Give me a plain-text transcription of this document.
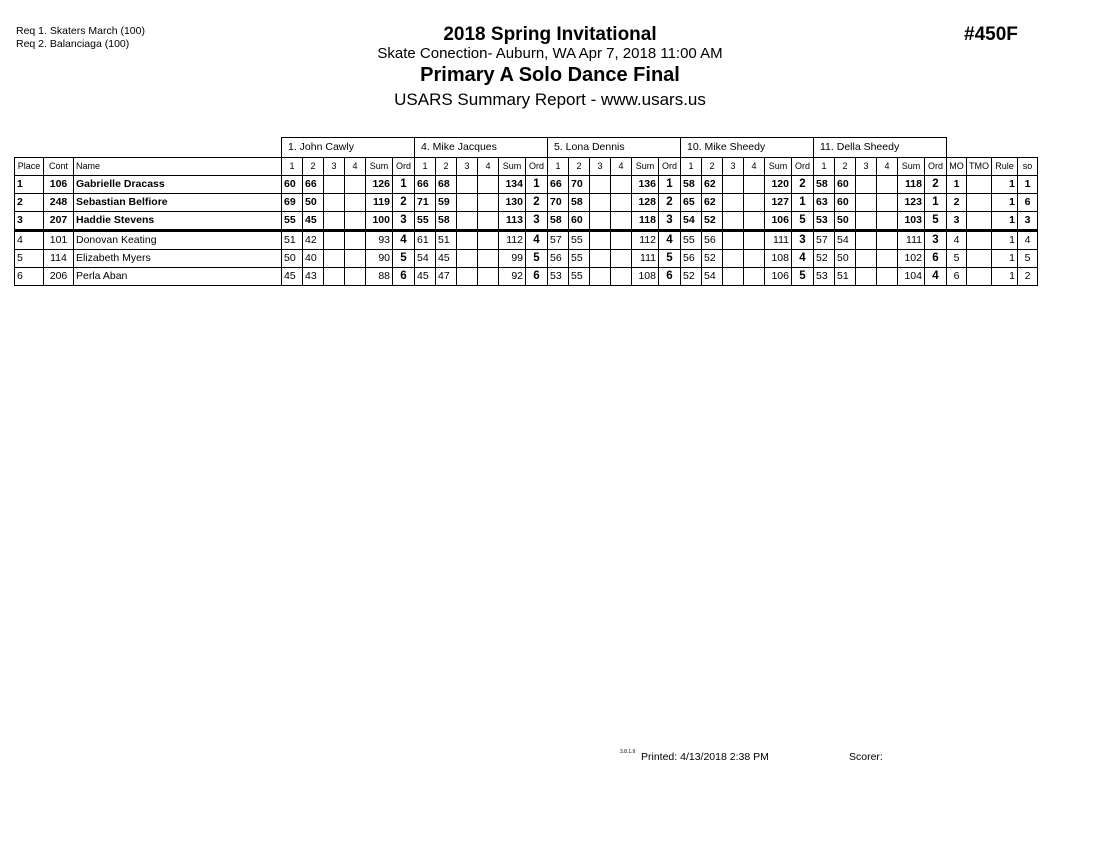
Req 1. Skaters March (100)
Req 2. Balanciaga (100)	2018 Spring Invitational
Skate Conection- Auburn, WA Apr 7, 2018 11:00 AM
Primary A Solo Dance Final
USARS Summary Report - www.usars.us
#450F
			1. John Cawly						4. Mike Jacques						5. Lona Dennis						10. Mike Sheedy						11. Della Sheedy									
Place	Cont	Name	1	2	3	4	Sum	Ord	1	2	3	4	Sum	Ord	1	2	3	4	Sum	Ord	1	2	3	4	Sum	Ord	1	2	3	4	Sum	Ord	MO	TMO	Rule	so
1	106	Gabrielle Dracass	60	66			126	1	66	68			134	1	66	70			136	1	58	62			120	2	58	60			118	2	1		1	1
2	248	Sebastian Belfiore	69	50			119	2	71	59			130	2	70	58			128	2	65	62			127	1	63	60			123	1	2		1	6
3	207	Haddie Stevens	55	45			100	3	55	58			113	3	58	60			118	3	54	52			106	5	53	50			103	5	3		1	3
4	101	Donovan Keating	51	42			93	4	61	51			112	4	57	55			112	4	55	56			111	3	57	54			111	3	4		1	4
5	114	Elizabeth Myers	50	40			90	5	54	45			99	5	56	55			111	5	56	52			108	4	52	50			102	6	5		1	5
6	206	Perla Aban	45	43			88	6	45	47			92	6	53	55			108	6	52	54			106	5	53	51			104	4	6		1	2
3.8.1.9 Printed: 4/13/2018 2:38 PM	Scorer:
